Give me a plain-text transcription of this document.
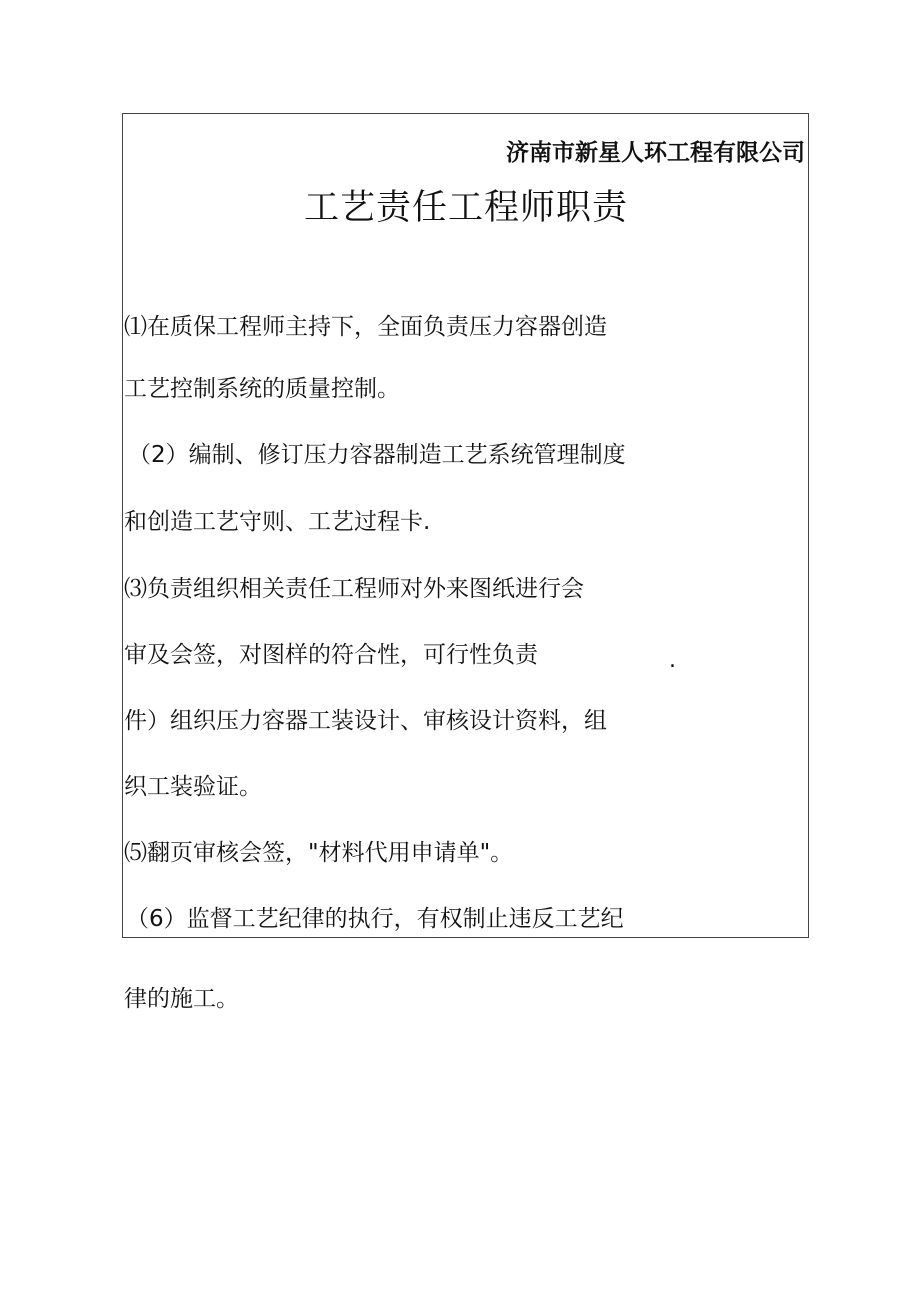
济南市新星人环工程有限公司
工艺责任工程师职责
⑴在质保工程师主持下，全面负责压力容器创造
工艺控制系统的质量控制。
（2）编制、修订压力容器制造工艺系统管理制度
和创造工艺守则、工艺过程卡.
⑶负责组织相关责任工程师对外来图纸进行会
审及会签，对图样的符合性，可行性负责	.
件）组织压力容器工装设计、审核设计资料，组
织工装验证。
⑸翻页审核会签，"材料代用申请单"。
（6）监督工艺纪律的执行，有权制止违反工艺纪
律的施工。
